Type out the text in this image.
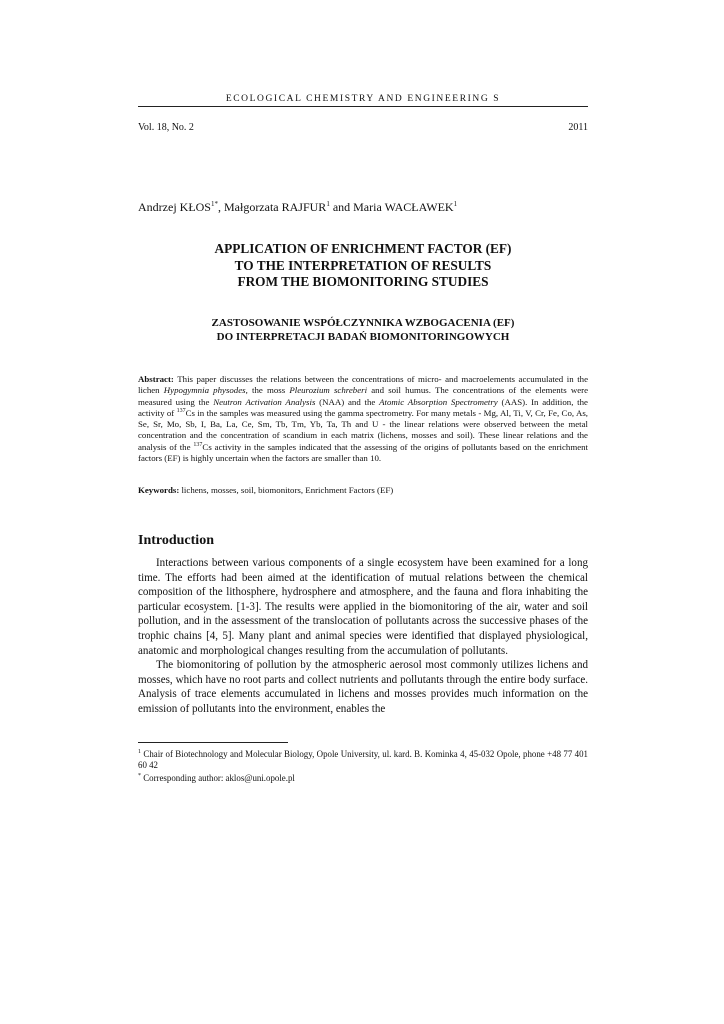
ECOLOGICAL CHEMISTRY AND ENGINEERING S
Vol. 18, No. 2	2011
Andrzej $KŁOS^{1*}$, Małgorzata RAJFUR$^1$ and Maria WACŁAWEK$^1$
APPLICATION OF ENRICHMENT FACTOR (EF)
TO THE INTERPRETATION OF RESULTS
FROM THE BIOMONITORING STUDIES
ZASTOSOWANIE WSPÓŁCZYNNIKA WZBOGACENIA (EF)
DO INTERPRETACJI BADAŃ BIOMONITORINGOWYCH
Abstract: This paper discusses the relations between the concentrations of micro- and macroelements accumulated in the lichen Hypogymnia physodes, the moss Pleurozium schreberi and soil humus. The concentrations of the elements were measured using the Neutron Activation Analysis (NAA) and the Atomic Absorption Spectrometry (AAS). In addition, the activity of $^{137}$Cs in the samples was measured using the gamma spectrometry. For many metals - Mg, Al, Ti, V, Cr, Fe, Co, As, Se, Sr, Mo, Sb, I, Ba, La, Ce, Sm, Tb, Tm, Yb, Ta, Th and U - the linear relations were observed between the metal concentration and the concentration of scandium in each matrix (lichens, mosses and soil). These linear relations and the analysis of the $^{137}$Cs activity in the samples indicated that the assessing of the origins of pollutants based on the enrichment factors (EF) is highly uncertain when the factors are smaller than 10.
Keywords: lichens, mosses, soil, biomonitors, Enrichment Factors (EF)
Introduction

Interactions between various components of a single ecosystem have been examined for a long time. The efforts had been aimed at the identification of mutual relations between the chemical composition of the lithosphere, hydrosphere and atmosphere, and the fauna and flora inhabiting the particular ecosystem. [1-3]. The results were applied in the biomonitoring of the air, water and soil pollution, and in the assessment of the translocation of pollutants across the successive phases of the trophic chains [4, 5]. Many plant and animal species were identified that displayed physiological, anatomic and morphological changes resulting from the accumulation of pollutants.

The biomonitoring of pollution by the atmospheric aerosol most commonly utilizes lichens and mosses, which have no root parts and collect nutrients and pollutants through the entire body surface. Analysis of trace elements accumulated in lichens and mosses provides much information on the emission of pollutants into the environment, enables the

$^1$ Chair of Biotechnology and Molecular Biology, Opole University, ul. kard. B. Kominka 4, 45-032 Opole, phone +48 77 401 60 42

* Corresponding author: aklos@uni.opole.pl
